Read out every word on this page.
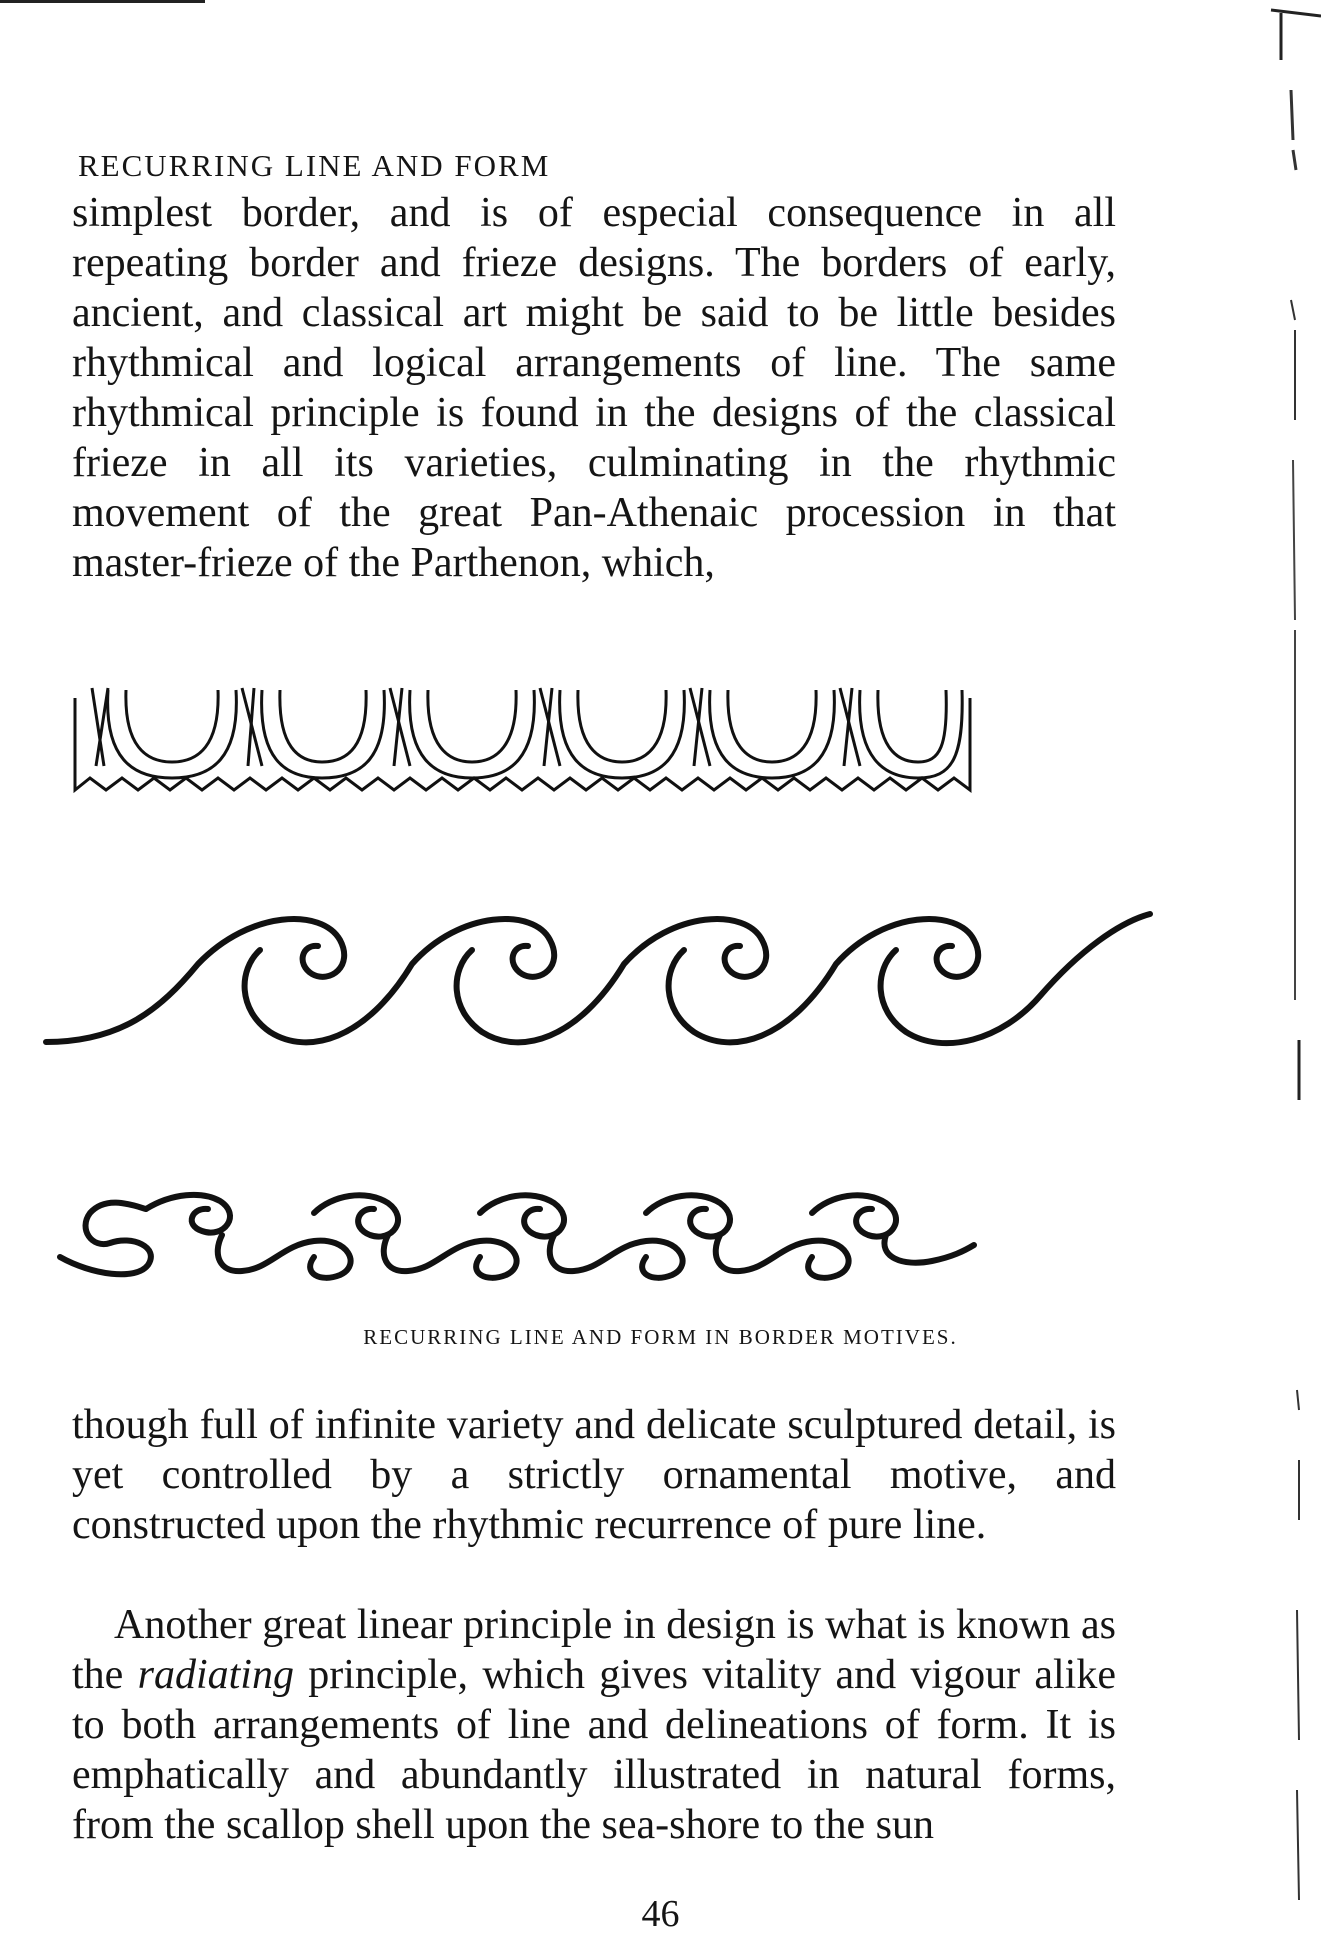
RECURRING LINE AND FORM

simplest border, and is of especial consequence in all repeating border and frieze designs. The borders of early, ancient, and classical art might be said to be little besides rhythmical and logical arrangements of line. The same rhythmical principle is found in the designs of the classical frieze in all its varieties, culminating in the rhythmic movement of the great Pan-Athenaic procession in that master-frieze of the Parthenon, which,

RECURRING LINE AND FORM IN BORDER MOTIVES.

though full of infinite variety and delicate sculptured detail, is yet controlled by a strictly ornamental motive, and constructed upon the rhythmic recurrence of pure line.

Another great linear principle in design is what is known as the radiating principle, which gives vitality and vigour alike to both arrangements of line and delineations of form. It is emphatically and abundantly illustrated in natural forms, from the scallop shell upon the sea-shore to the sun

46
